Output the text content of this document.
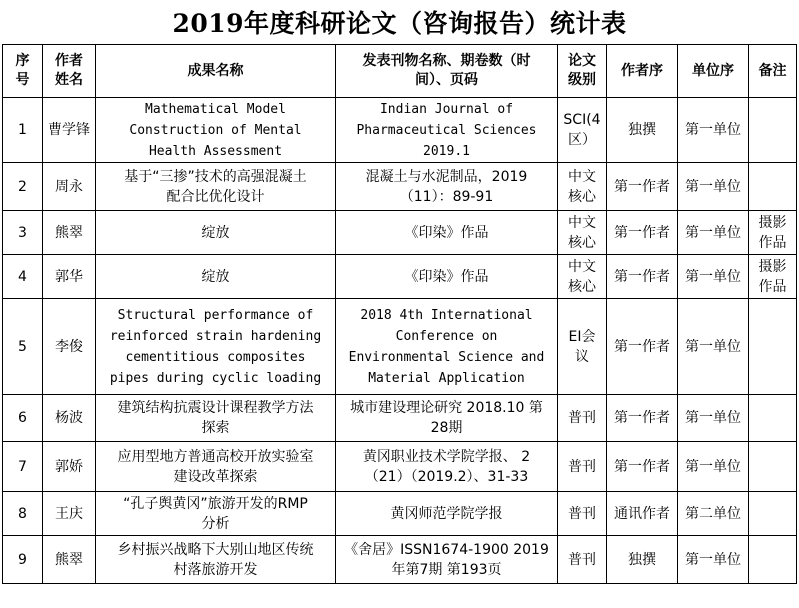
2019年度科研论文（咨询报告）统计表
序
号	作者
姓名	成果名称	发表刊物名称、期卷数（时
间）、页码	论文
级别	作者序	单位序	备注
1	曹学锋	Mathematical Model
Construction of Mental
Health Assessment	Indian Journal of
Pharmaceutical Sciences
2019.1	SCI(4
区）	独撰	第一单位	
2	周永	基于“三掺”技术的高强混凝土
配合比优化设计	混凝土与水泥制品，2019
（11）：89-91	中文
核心	第一作者	第一单位	
3	熊翠	绽放	《印染》作品	中文
核心	第一作者	第一单位	摄影
作品
4	郭华	绽放	《印染》作品	中文
核心	第一作者	第一单位	摄影
作品
5	李俊	Structural performance of
reinforced strain hardening
cementitious composites
pipes during cyclic loading	2018 4th International
Conference on
Environmental Science and
Material Application	EI会
议	第一作者	第一单位	
6	杨波	建筑结构抗震设计课程教学方法
探索	城市建设理论研究 2018.10 第
28期	普刊	第一作者	第一单位	
7	郭娇	应用型地方普通高校开放实验室
建设改革探索	黄冈职业技术学院学报、 2
（21）（2019.2）、31-33	普刊	第一作者	第一单位	
8	王庆	“孔子舆黄冈”旅游开发的RMP
分析	黄冈师范学院学报	普刊	通讯作者	第二单位	
9	熊翠	乡村振兴战略下大别山地区传统
村落旅游开发	《舍居》ISSN1674-1900 2019
年第7期 第193页	普刊	独撰	第一单位	
